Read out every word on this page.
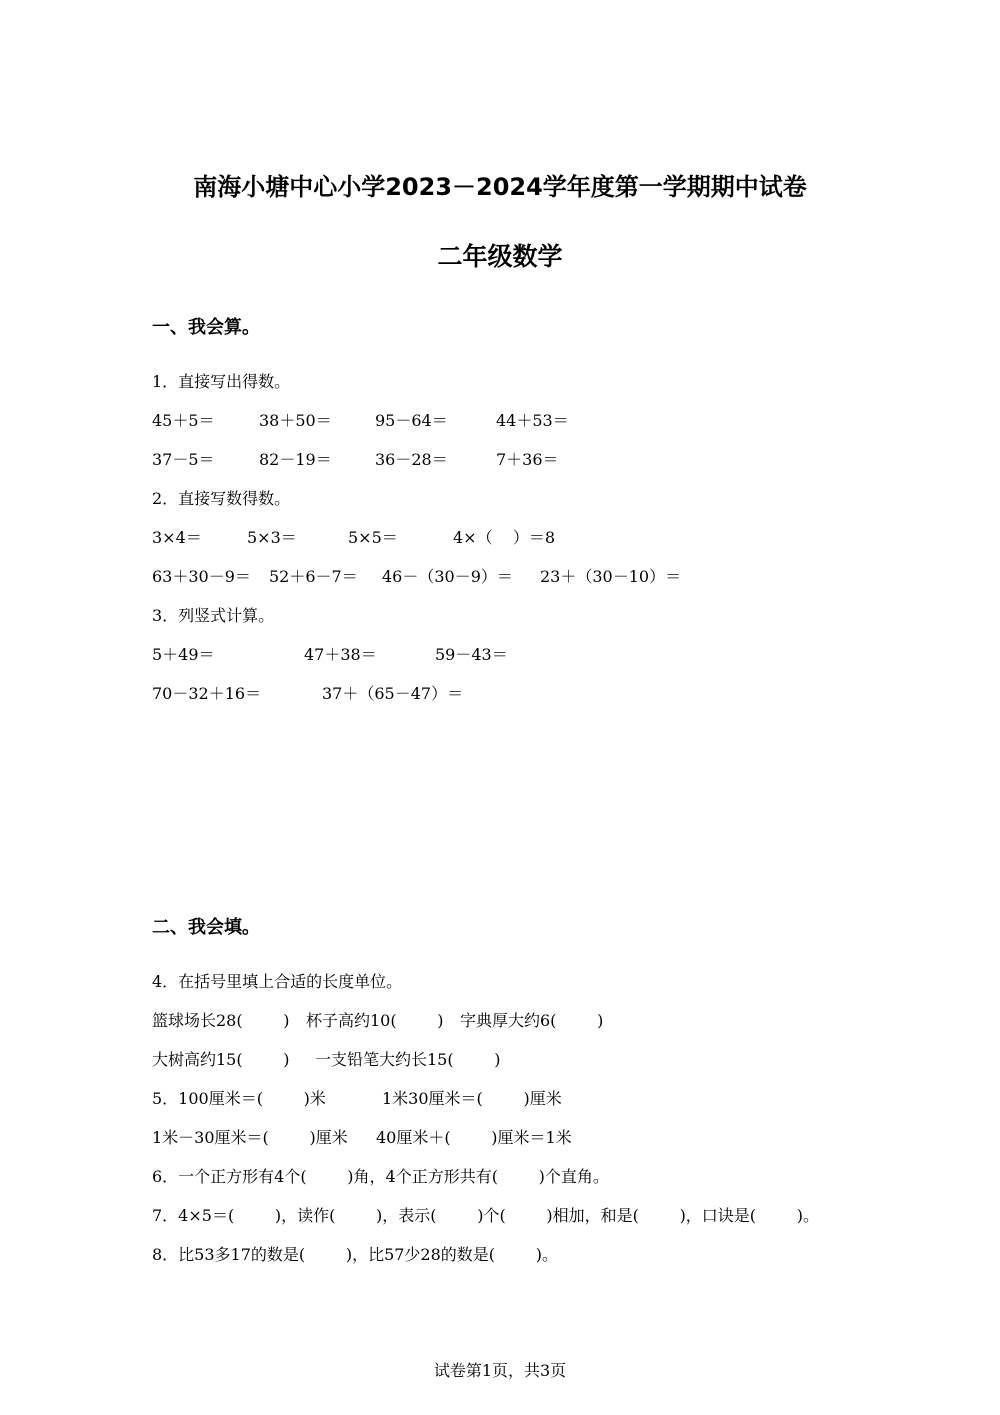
南海小塘中心小学2023－2024学年度第一学期期中试卷
二年级数学
一、我会算。
1．直接写出得数。
45＋5＝	38＋50＝	95－64＝	44＋53＝
37－5＝	82－19＝	36－28＝	7＋36＝
2．直接写数得数。
3×4＝	5×3＝	5×5＝	4×（    ）＝8
63＋30－9＝ 52＋6－7＝ 46－（30－9）＝ 23＋（30－10）＝
3．列竖式计算。
5＋49＝	47＋38＝	59－43＝
70－32＋16＝	37＋（65－47）＝
二、我会填。
4．在括号里填上合适的长度单位。
篮球场长28(        ) 杯子高约10(        ) 字典厚大约6(        )
大树高约15(        ) 一支铅笔大约长15(        )
5．100厘米＝(        )米	1米30厘米＝(        )厘米
1米－30厘米＝(        )厘米 40厘米＋(        )厘米＝1米
6．一个正方形有4个(        )角，4个正方形共有(        )个直角。
7．4×5＝(        )，读作(        )，表示(        )个(        )相加，和是(        )，口诀是(        )。
8．比53多17的数是(        )，比57少28的数是(        )。
试卷第1页，共3页
